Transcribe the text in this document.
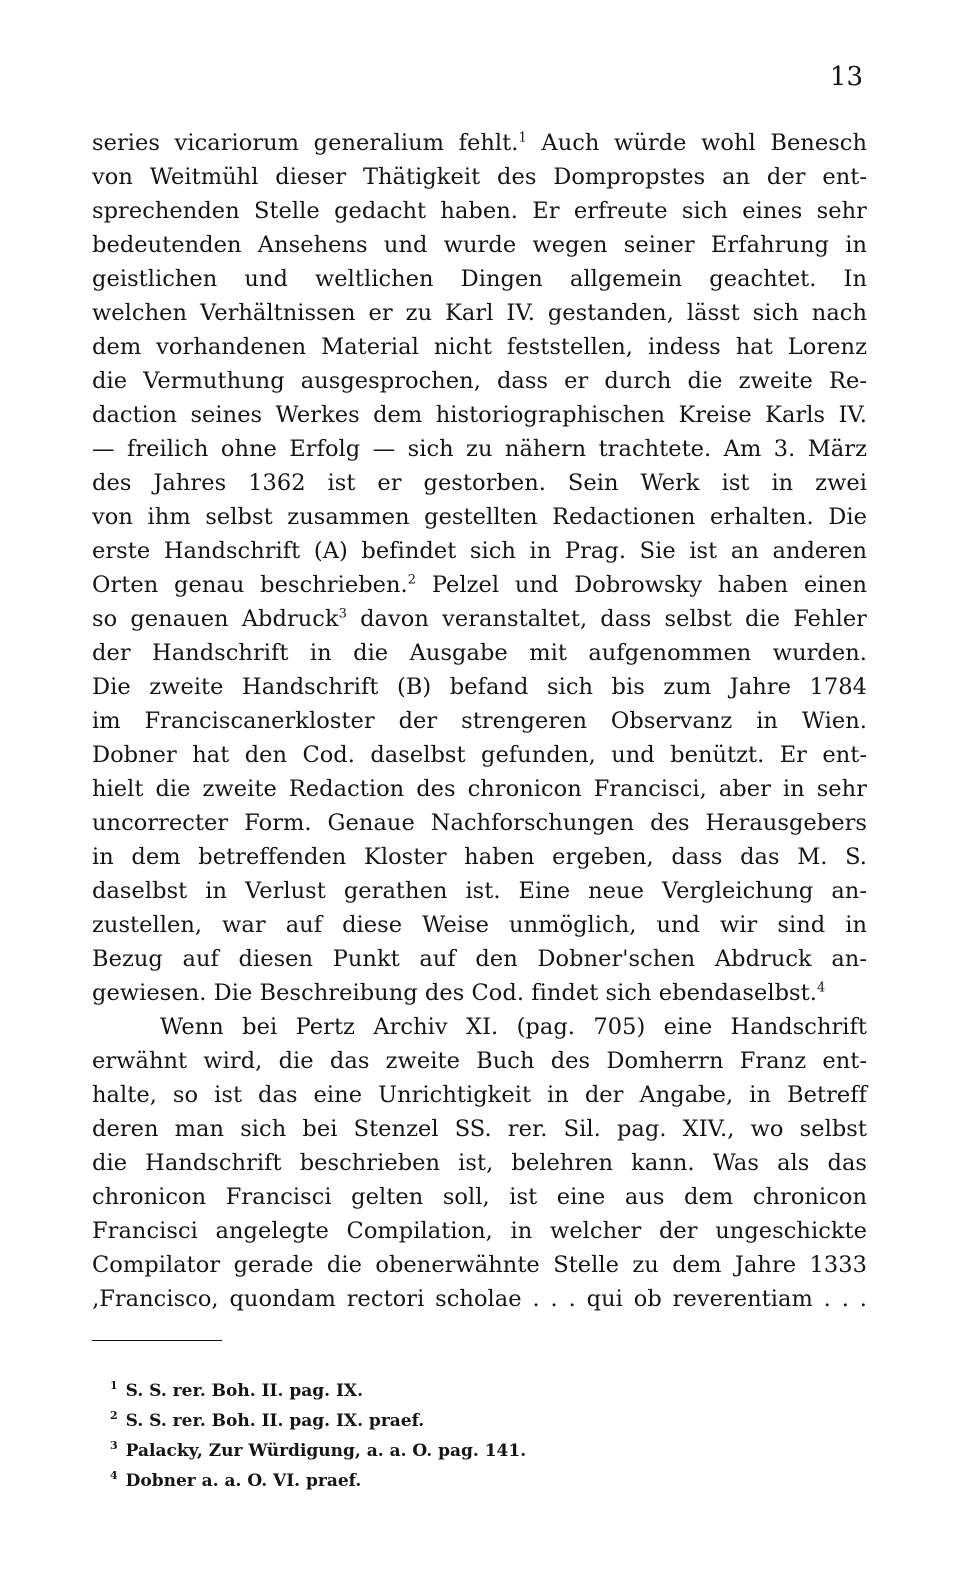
13
series vicariorum generalium fehlt.$^1$ Auch würde wohl Benesch
von Weitmühl dieser Thätigkeit des Dompropstes an der ent-
sprechenden Stelle gedacht haben. Er erfreute sich eines sehr
bedeutenden Ansehens und wurde wegen seiner Erfahrung in
geistlichen und weltlichen Dingen allgemein geachtet. In
welchen Verhältnissen er zu Karl IV. gestanden, lässt sich nach
dem vorhandenen Material nicht feststellen, indess hat Lorenz
die Vermuthung ausgesprochen, dass er durch die zweite Re-
daction seines Werkes dem historiographischen Kreise Karls IV.
— freilich ohne Erfolg — sich zu nähern trachtete. Am 3. März
des Jahres 1362 ist er gestorben. Sein Werk ist in zwei
von ihm selbst zusammen gestellten Redactionen erhalten. Die
erste Handschrift (A) befindet sich in Prag. Sie ist an anderen
Orten genau beschrieben.$^2$ Pelzel und Dobrowsky haben einen
so genauen Abdruck$^3$ davon veranstaltet, dass selbst die Fehler
der Handschrift in die Ausgabe mit aufgenommen wurden.
Die zweite Handschrift (B) befand sich bis zum Jahre 1784
im Franciscanerkloster der strengeren Observanz in Wien.
Dobner hat den Cod. daselbst gefunden, und benützt. Er ent-
hielt die zweite Redaction des chronicon Francisci, aber in sehr
uncorrecter Form. Genaue Nachforschungen des Herausgebers
in dem betreffenden Kloster haben ergeben, dass das M. S.
daselbst in Verlust gerathen ist. Eine neue Vergleichung an-
zustellen, war auf diese Weise unmöglich, und wir sind in
Bezug auf diesen Punkt auf den Dobner'schen Abdruck an-
gewiesen. Die Beschreibung des Cod. findet sich ebendaselbst.$^4$
Wenn bei Pertz Archiv XI. (pag. 705) eine Handschrift
erwähnt wird, die das zweite Buch des Domherrn Franz ent-
halte, so ist das eine Unrichtigkeit in der Angabe, in Betreff
deren man sich bei Stenzel SS. rer. Sil. pag. XIV., wo selbst
die Handschrift beschrieben ist, belehren kann. Was als das
chronicon Francisci gelten soll, ist eine aus dem chronicon
Francisci angelegte Compilation, in welcher der ungeschickte
Compilator gerade die obenerwähnte Stelle zu dem Jahre 1333
‚Francisco, quondam rectori scholae . . . qui ob reverentiam . . .
$^1$ S. S. rer. Boh. II. pag. IX.
$^2$ S. S. rer. Boh. II. pag. IX. praef.
$^3$ Palacky, Zur Würdigung, a. a. O. pag. 141.
$^4$ Dobner a. a. O. VI. praef.
